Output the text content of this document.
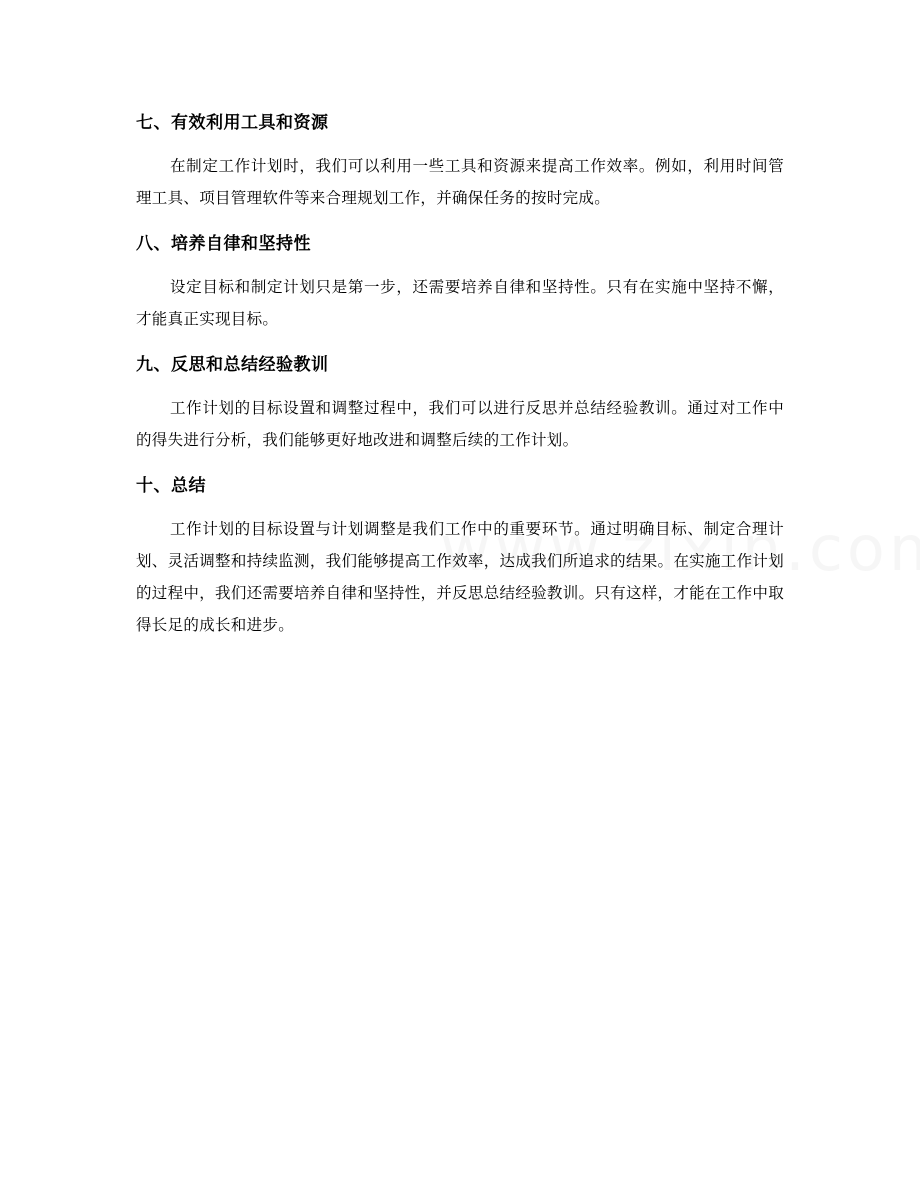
七、有效利用工具和资源

在制定工作计划时，我们可以利用一些工具和资源来提高工作效率。例如，利用时间管理工具、项目管理软件等来合理规划工作，并确保任务的按时完成。

八、培养自律和坚持性

设定目标和制定计划只是第一步，还需要培养自律和坚持性。只有在实施中坚持不懈，才能真正实现目标。

九、反思和总结经验教训

工作计划的目标设置和调整过程中，我们可以进行反思并总结经验教训。通过对工作中的得失进行分析，我们能够更好地改进和调整后续的工作计划。

十、总结

工作计划的目标设置与计划调整是我们工作中的重要环节。通过明确目标、制定合理计划、灵活调整和持续监测，我们能够提高工作效率，达成我们所追求的结果。在实施工作计划的过程中，我们还需要培养自律和坚持性，并反思总结经验教训。只有这样，才能在工作中取得长足的成长和进步。
